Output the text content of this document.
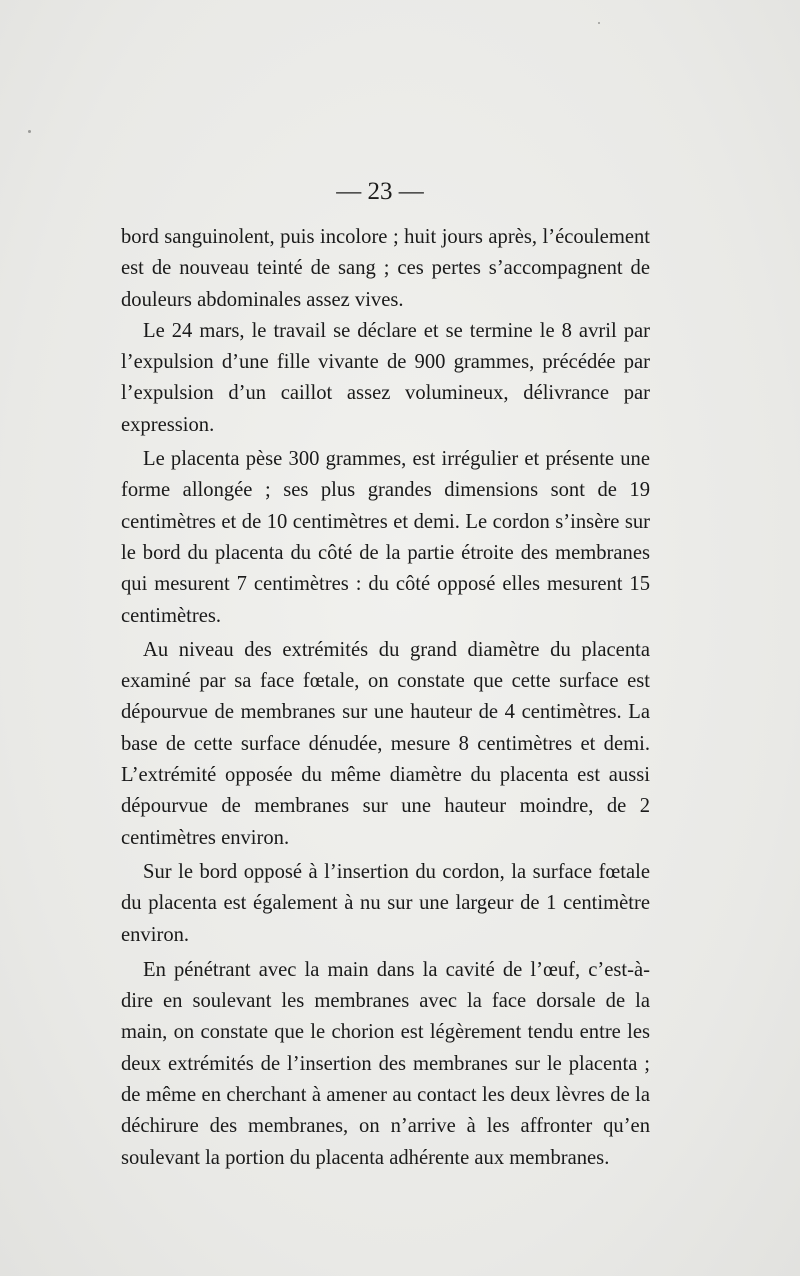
— 23 —

bord sanguinolent, puis incolore ; huit jours après, l’écoulement est de nouveau teinté de sang ; ces pertes s’accompagnent de douleurs abdominales assez vives.

Le 24 mars, le travail se déclare et se termine le 8 avril par l’expulsion d’une fille vivante de 900 grammes, précédée par l’expulsion d’un caillot assez volumineux, délivrance par expression.

Le placenta pèse 300 grammes, est irrégulier et présente une forme allongée ; ses plus grandes dimensions sont de 19 centimètres et de 10 centimètres et demi. Le cordon s’insère sur le bord du placenta du côté de la partie étroite des membranes qui mesurent 7 centimètres : du côté opposé elles mesurent 15 centimètres.

Au niveau des extrémités du grand diamètre du placenta examiné par sa face fœtale, on constate que cette surface est dépourvue de membranes sur une hauteur de 4 centimètres. La base de cette surface dénudée, mesure 8 centimètres et demi. L’extrémité opposée du même diamètre du placenta est aussi dépourvue de membranes sur une hauteur moindre, de 2 centimètres environ.

Sur le bord opposé à l’insertion du cordon, la surface fœtale du placenta est également à nu sur une largeur de 1 centimètre environ.

En pénétrant avec la main dans la cavité de l’œuf, c’est-à-dire en soulevant les membranes avec la face dorsale de la main, on constate que le chorion est légèrement tendu entre les deux extrémités de l’insertion des membranes sur le placenta ; de même en cherchant à amener au contact les deux lèvres de la déchirure des membranes, on n’arrive à les affronter qu’en soulevant la portion du placenta adhérente aux membranes.
